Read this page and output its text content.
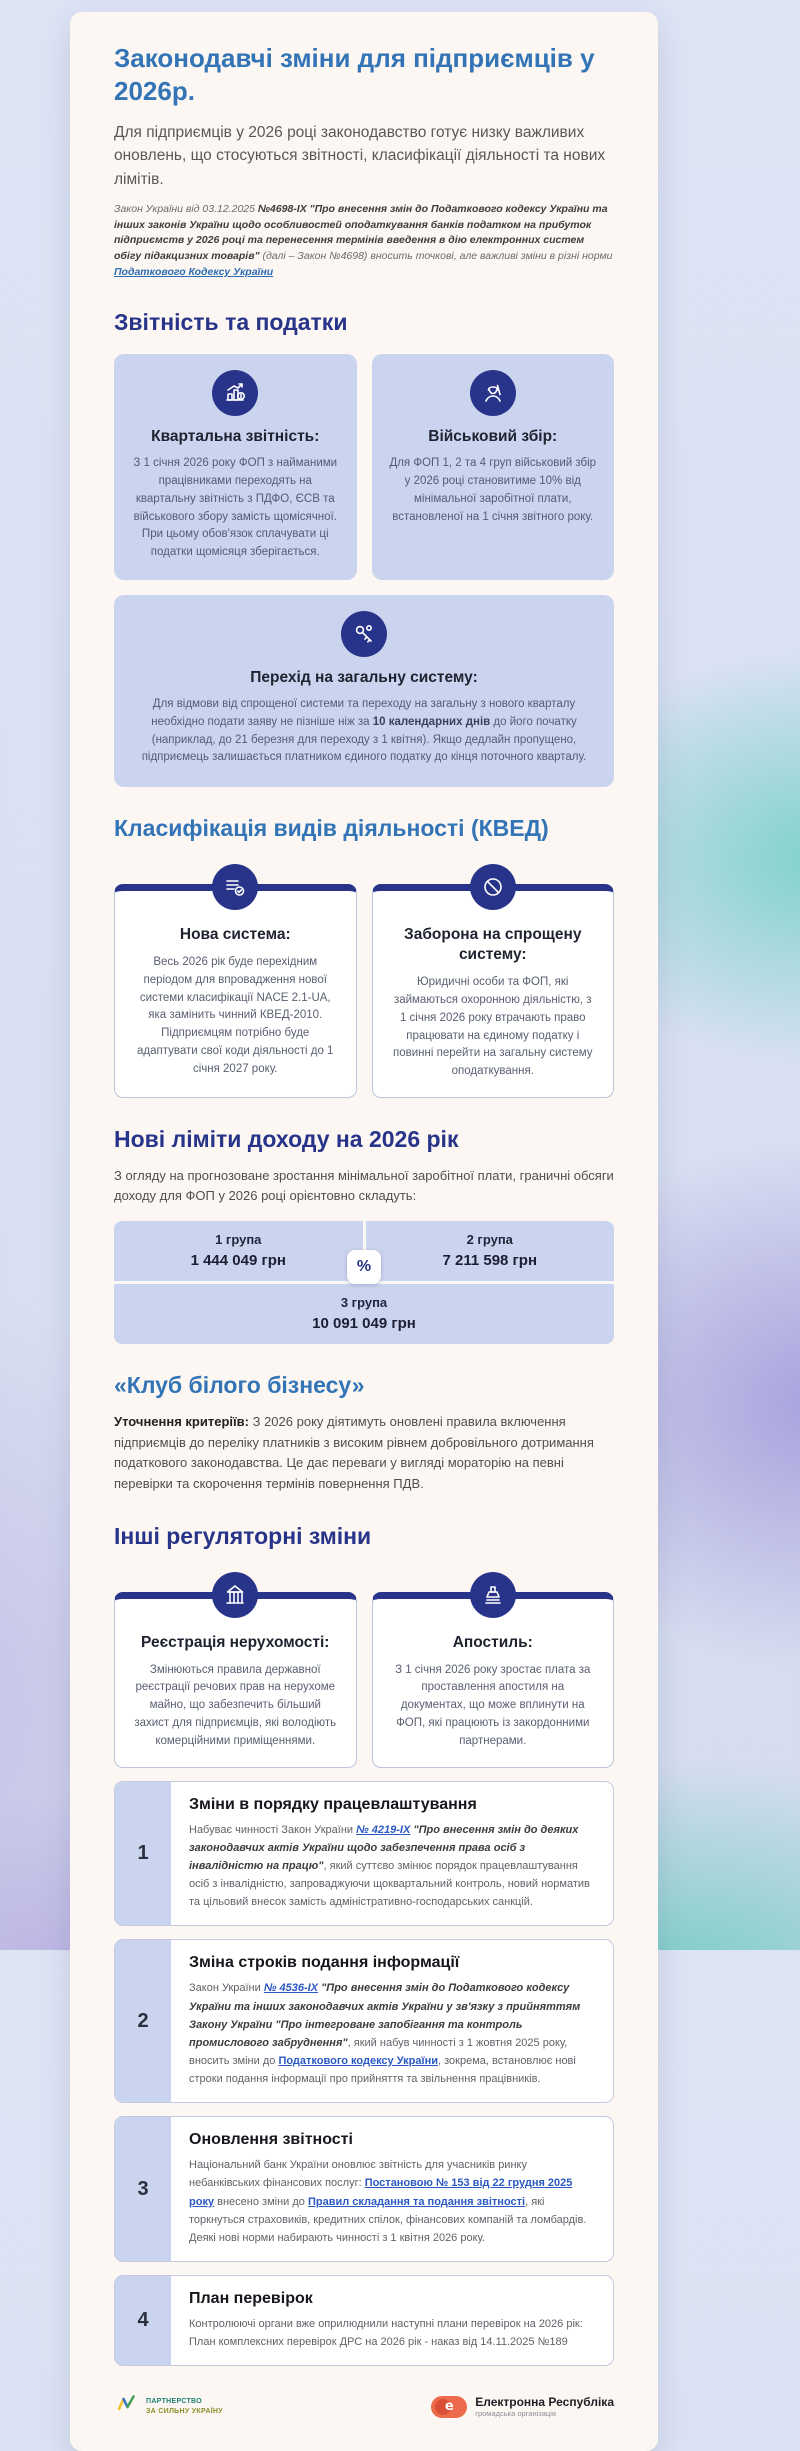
Законодавчі зміни для підприємців у 2026р.

Для підприємців у 2026 році законодавство готує низку важливих оновлень, що стосуються звітності, класифікації діяльності та нових лімітів.

Закон України від 03.12.2025 №4698-IX "Про внесення змін до Податкового кодексу України та інших законів України щодо особливостей оподаткування банків податком на прибуток підприємств у 2026 році та перенесення термінів введення в дію електронних систем обігу підакцизних товарів" (далі – Закон №4698) вносить точкові, але важливі зміни в різні норми Податкового Кодексу України

Звітність та податки
Квартальна звітність:
З 1 січня 2026 року ФОП з найманими працівниками переходять на квартальну звітність з ПДФО, ЄСВ та військового збору замість щомісячної. При цьому обов'язок сплачувати ці податки щомісяця зберігається.
Військовий збір:
Для ФОП 1, 2 та 4 груп військовий збір у 2026 році становитиме 10% від мінімальної заробітної плати, встановленої на 1 січня звітного року.
Перехід на загальну систему:
Для відмови від спрощеної системи та переходу на загальну з нового кварталу необхідно подати заяву не пізніше ніж за 10 календарних днів до його початку (наприклад, до 21 березня для переходу з 1 квітня). Якщо дедлайн пропущено, підприємець залишається платником єдиного податку до кінця поточного кварталу.
Класифікація видів діяльності (КВЕД)
Нова система:
Весь 2026 рік буде перехідним періодом для впровадження нової системи класифікації NACE 2.1-UA, яка замінить чинний КВЕД-2010. Підприємцям потрібно буде адаптувати свої коди діяльності до 1 січня 2027 року.
Заборона на спрощену систему:
Юридичні особи та ФОП, які займаються охоронною діяльністю, з 1 січня 2026 року втрачають право працювати на єдиному податку і повинні перейти на загальну систему оподаткування.
Нові ліміти доходу на 2026 рік

З огляду на прогнозоване зростання мінімальної заробітної плати, граничні обсяги доходу для ФОП у 2026 році орієнтовно складуть:

1 група
1 444 049 грн
2 група
7 211 598 грн
3 група
10 091 049 грн
%
«Клуб білого бізнесу»

Уточнення критеріїв: З 2026 року діятимуть оновлені правила включення підприємців до переліку платників з високим рівнем добровільного дотримання податкового законодавства. Це дає переваги у вигляді мораторію на певні перевірки та скорочення термінів повернення ПДВ.

Інші регуляторні зміни
Реєстрація нерухомості:
Змінюються правила державної реєстрації речових прав на нерухоме майно, що забезпечить більший захист для підприємців, які володіють комерційними приміщеннями.
Апостиль:
З 1 січня 2026 року зростає плата за проставлення апостиля на документах, що може вплинути на ФОП, які працюють із закордонними партнерами.
1
Зміни в порядку працевлаштування

Набуває чинності Закон України № 4219-IX "Про внесення змін до деяких законодавчих актів України щодо забезпечення права осіб з інвалідністю на працю", який суттєво змінює порядок працевлаштування осіб з інвалідністю, запроваджуючи щоквартальний контроль, новий норматив та цільовий внесок замість адміністративно-господарських санкцій.

2
Зміна строків подання інформації

Закон України № 4536-IX "Про внесення змін до Податкового кодексу України та інших законодавчих актів України у зв'язку з прийняттям Закону України "Про інтегроване запобігання та контроль промислового забруднення", який набув чинності з 1 жовтня 2025 року, вносить зміни до Податкового кодексу України, зокрема, встановлює нові строки подання інформації про прийняття та звільнення працівників.

3
Оновлення звітності

Національний банк України оновлює звітність для учасників ринку небанківських фінансових послуг: Постановою № 153 від 22 грудня 2025 року внесено зміни до Правил складання та подання звітності, які торкнуться страховиків, кредитних спілок, фінансових компаній та ломбардів. Деякі нові норми набирають чинності з 1 квітня 2026 року.

4
План перевірок

Контролюючі органи вже оприлюднили наступні плани перевірок на 2026 рік: План комплексних перевірок ДРС на 2026 рік - наказ від 14.11.2025 №189

ПАРТНЕРСТВО
ЗА СИЛЬНУ УКРАЇНУ	e Електронна Республіка
громадська організація
